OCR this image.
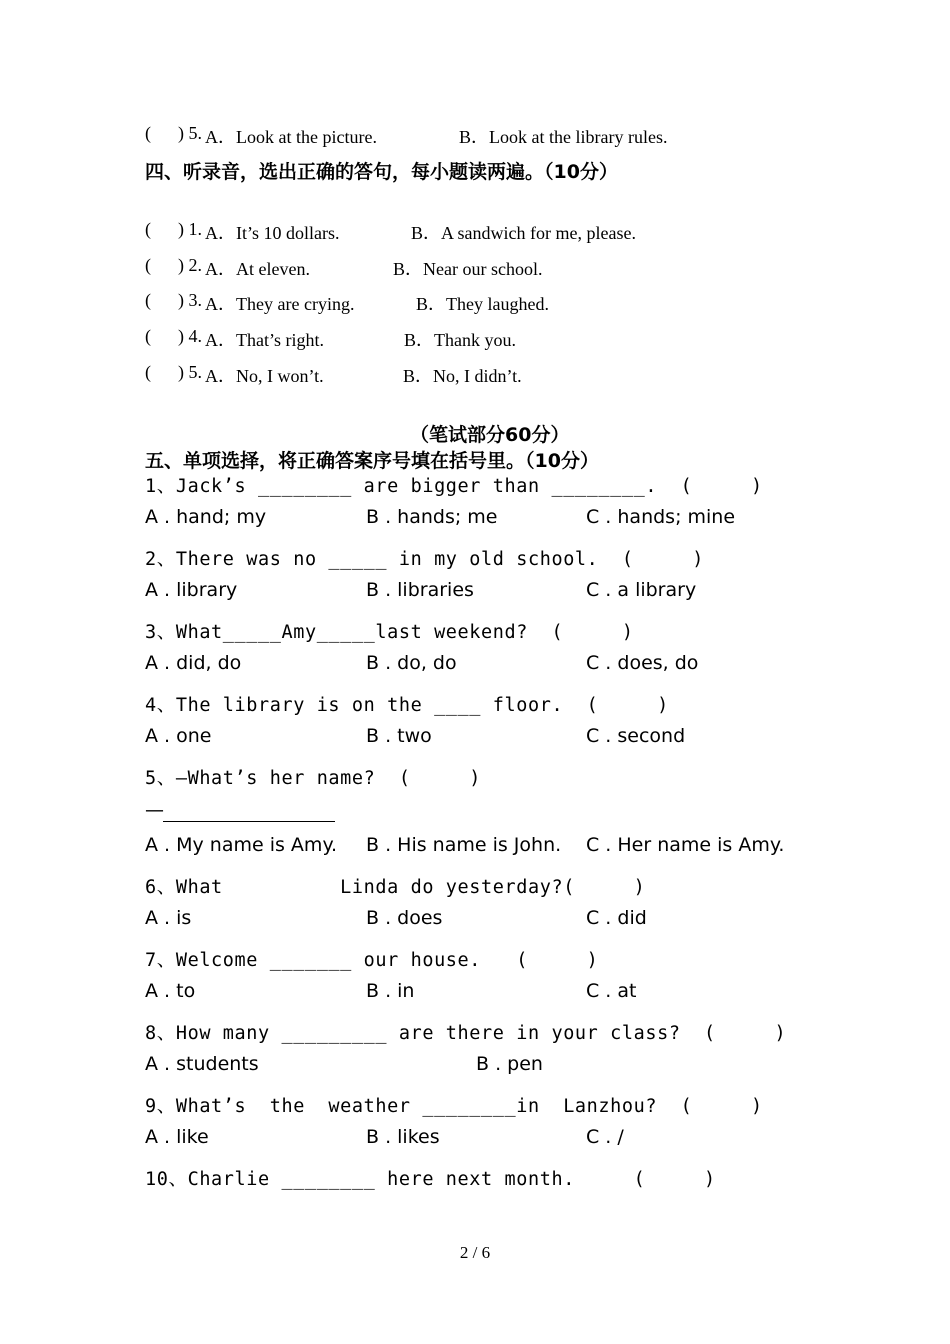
(      ) 5. A．Look at the picture.	B．Look at the library rules.
四、听录音，选出正确的答句，每小题读两遍。（10分）
(      ) 1. A．It’s 10 dollars.	B．A sandwich for me, please.
(      ) 2. A．At eleven.	B．Near our school.
(      ) 3. A．They are crying.	B．They laughed.
(      ) 4. A．That’s right.	B．Thank you.
(      ) 5. A．No, I won’t.	B．No, I didn’t.
（笔试部分60分）
五、单项选择，将正确答案序号填在括号里。（10分）
1、Jack’s ________ are bigger than ________.  (     )
A . hand; my	B . hands; me	C . hands; mine
2、There was no _____ in my old school.  (     )
A . library	B . libraries	C . a library
3、What_____Amy_____last weekend?  (     )
A . did, do	B . do, do	C . does, do
4、The library is on the ____ floor.  (     )
A . one	B . two	C . second
5、—What’s her name?  (     )
—
A . My name is Amy. B . His name is John. C . Her name is Amy.
6、What          Linda do yesterday?(     )
A . is	B . does	C . did
7、Welcome _______ our house.   (     )
A . to	B . in	C . at
8、How many _________ are there in your class?  (     )
A . students	B . pen
9、What’s  the  weather ________in  Lanzhou?  (     )
A . like	B . likes	C . /
10、Charlie ________ here next month.     (     )
2 / 6
